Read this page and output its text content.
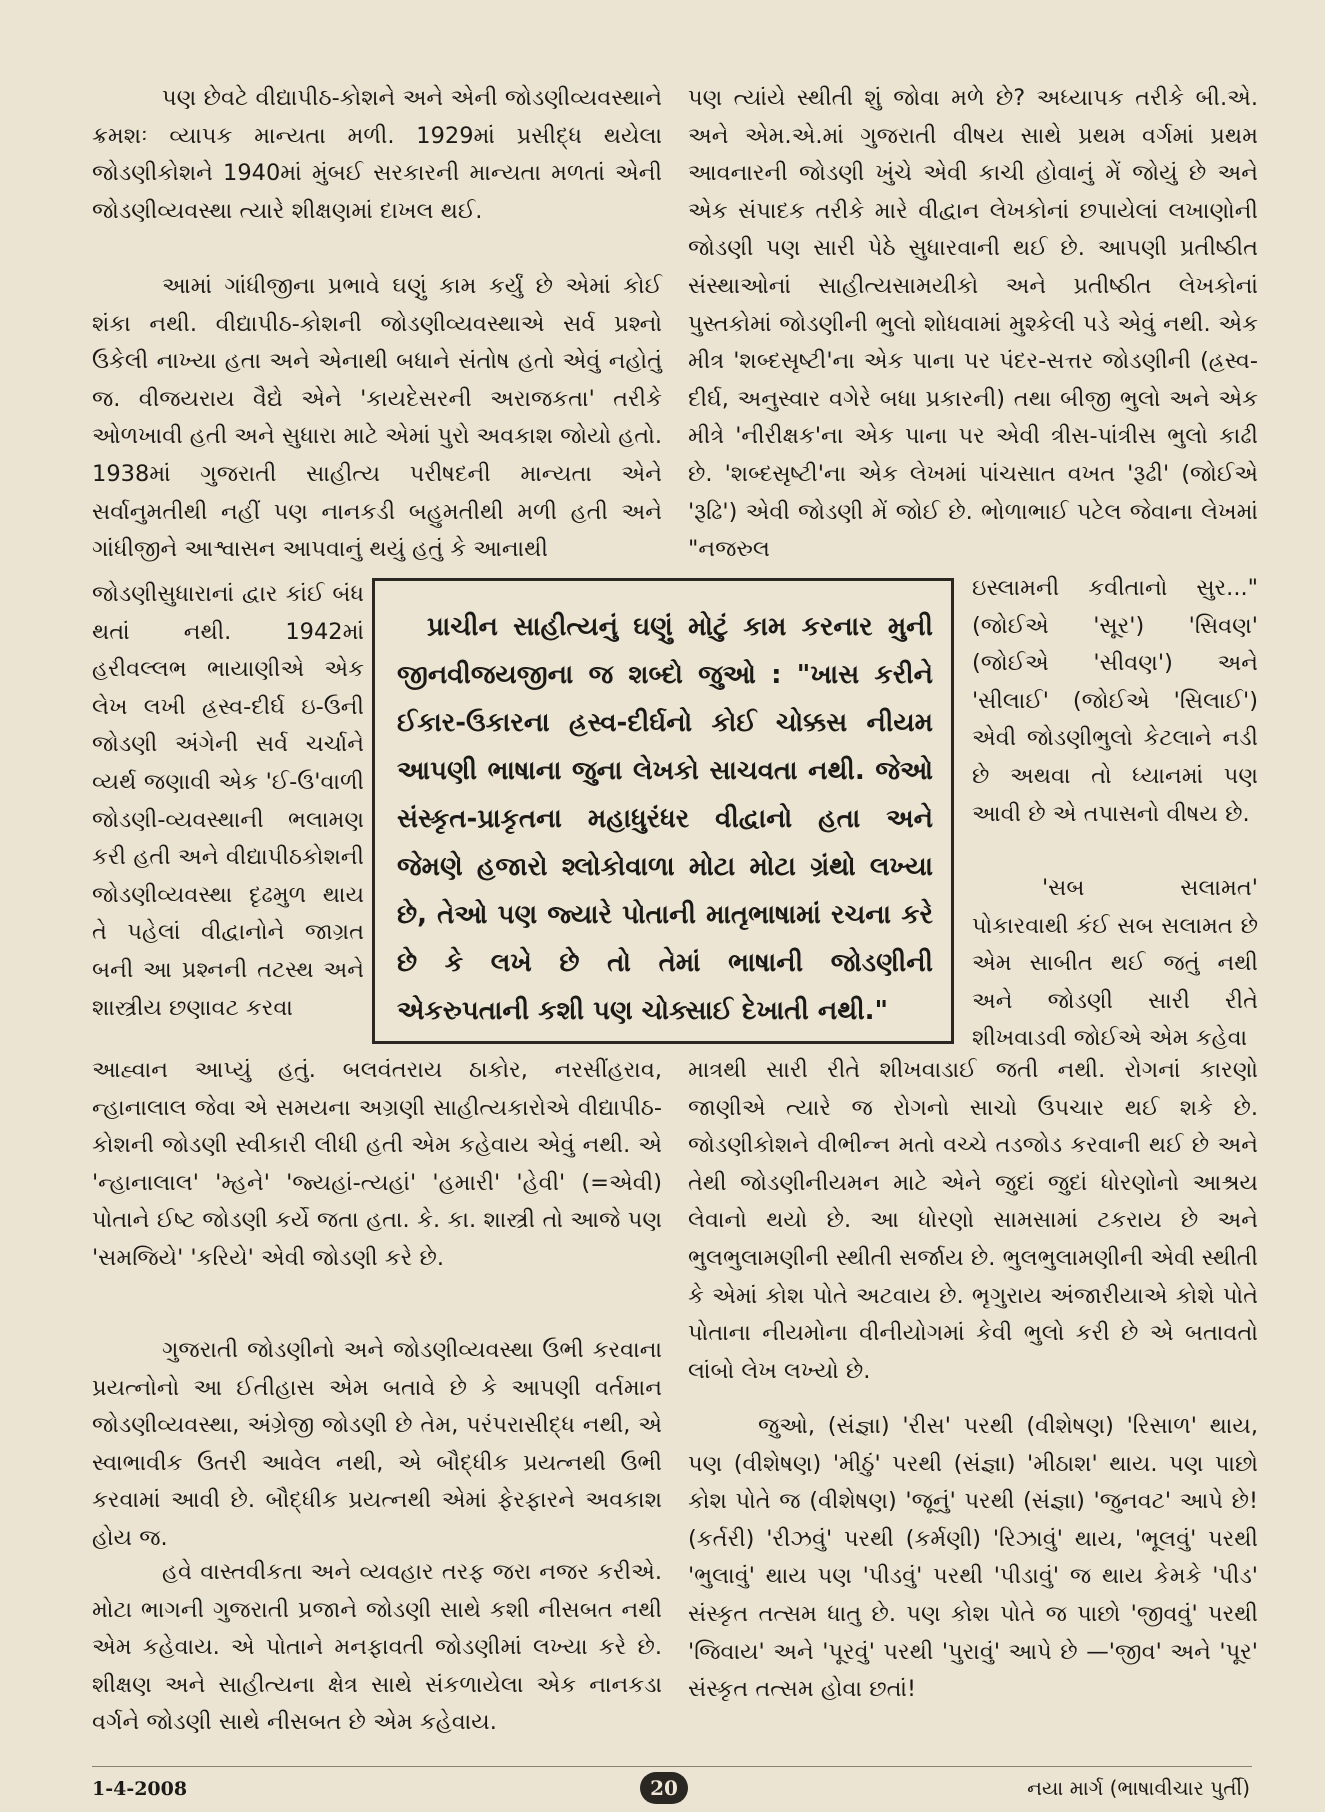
પણ છેવટે વીદ્યાપીઠ-કોશને અને એની જોડણીવ્યવસ્થાને ક્રમશઃ વ્યાપક માન્યતા મળી. 1929માં પ્રસીદ્ધ થયેલા જોડણીકોશને 1940માં મુંબઈ સરકારની માન્યતા મળતાં એની જોડણીવ્યવસ્થા ત્યારે શીક્ષણમાં દાખલ થઈ.

આમાં ગાંધીજીના પ્રભાવે ઘણું કામ કર્યું છે એમાં કોઈ શંકા નથી. વીદ્યાપીઠ-કોશની જોડણીવ્યવસ્થાએ સર્વ પ્રશ્નો ઉકેલી નાખ્યા હતા અને એનાથી બધાને સંતોષ હતો એવું નહોતું જ. વીજયરાય વૈદ્યે એને 'કાયદેસરની અરાજકતા' તરીકે ઓળખાવી હતી અને સુધારા માટે એમાં પુરો અવકાશ જોયો હતો. 1938માં ગુજરાતી સાહીત્ય પરીષદની માન્યતા એને સર્વાનુમતીથી નહીં પણ નાનકડી બહુમતીથી મળી હતી અને ગાંધીજીને આશ્વાસન આપવાનું થયું હતું કે આનાથી

જોડણીસુધારાનાં દ્વાર કાંઈ બંધ થતાં નથી. 1942માં હરીવલ્લભ ભાયાણીએ એક લેખ લખી હ્રસ્વ-દીર્ઘ ઇ-ઉની જોડણી અંગેની સર્વ ચર્ચાને વ્યર્થ જણાવી એક 'ઈ-ઉ'વાળી જોડણી-વ્યવસ્થાની ભલામણ કરી હતી અને વીદ્યાપીઠકોશની જોડણીવ્યવસ્થા દૃઢમુળ થાય તે પહેલાં વીદ્વાનોને જાગ્રત બની આ પ્રશ્નની તટસ્થ અને શાસ્ત્રીય છણાવટ કરવા

આહ્વાન આપ્યું હતું. બલવંતરાય ઠાકોર, નરસીંહરાવ, ન્હાનાલાલ જેવા એ સમયના અગ્રણી સાહીત્યકારોએ વીદ્યાપીઠ-કોશની જોડણી સ્વીકારી લીધી હતી એમ કહેવાય એવું નથી. એ 'ન્હાનાલાલ' 'મ્હને' 'જ્યહાં-ત્યહાં' 'હમારી' 'હેવી' (=એવી) પોતાને ઈષ્ટ જોડણી કર્યે જતા હતા. કે. કા. શાસ્ત્રી તો આજે પણ 'સમજિયે' 'કરિયે' એવી જોડણી કરે છે.

ગુજરાતી જોડણીનો અને જોડણીવ્યવસ્થા ઉભી કરવાના પ્રયત્નોનો આ ઈતીહાસ એમ બતાવે છે કે આપણી વર્તમાન જોડણીવ્યવસ્થા, અંગ્રેજી જોડણી છે તેમ, પરંપરાસીદ્ધ નથી, એ સ્વાભાવીક ઉતરી આવેલ નથી, એ બૌદ્ધીક પ્રયત્નથી ઉભી કરવામાં આવી છે. બૌદ્ધીક પ્રયત્નથી એમાં ફેરફારને અવકાશ હોય જ.

હવે વાસ્તવીકતા અને વ્યવહાર તરફ જરા નજર કરીએ. મોટા ભાગની ગુજરાતી પ્રજાને જોડણી સાથે કશી નીસબત નથી એમ કહેવાય. એ પોતાને મનફાવતી જોડણીમાં લખ્યા કરે છે. શીક્ષણ અને સાહીત્યના ક્ષેત્ર સાથે સંકળાયેલા એક નાનકડા વર્ગને જોડણી સાથે નીસબત છે એમ કહેવાય.

પણ ત્યાંયે સ્થીતી શું જોવા મળે છે? અધ્યાપક તરીકે બી.એ. અને એમ.એ.માં ગુજરાતી વીષય સાથે પ્રથમ વર્ગમાં પ્રથમ આવનારની જોડણી ખુંચે એવી કાચી હોવાનું મેં જોયું છે અને એક સંપાદક તરીકે મારે વીદ્વાન લેખકોનાં છપાયેલાં લખાણોની જોડણી પણ સારી પેઠે સુધારવાની થઈ છે. આપણી પ્રતીષ્ઠીત સંસ્થાઓનાં સાહીત્યસામયીકો અને પ્રતીષ્ઠીત લેખકોનાં પુસ્તકોમાં જોડણીની ભુલો શોધવામાં મુશ્કેલી પડે એવું નથી. એક મીત્ર 'શબ્દસૃષ્ટી'ના એક પાના પર પંદર-સત્તર જોડણીની (હ્રસ્વ-દીર્ઘ, અનુસ્વાર વગેરે બધા પ્રકારની) તથા બીજી ભુલો અને એક મીત્રે 'નીરીક્ષક'ના એક પાના પર એવી ત્રીસ-પાંત્રીસ ભુલો કાઢી છે. 'શબ્દસૃષ્ટી'ના એક લેખમાં પાંચસાત વખત 'રૂઢી' (જોઈએ 'રૂઢિ') એવી જોડણી મેં જોઈ છે. ભોળાભાઈ પટેલ જેવાના લેખમાં "નજરુલ

ઇસ્લામની કવીતાનો સુર..." (જોઈએ 'સૂર') 'સિવણ' (જોઈએ 'સીવણ') અને 'સીલાઈ' (જોઈએ 'સિલાઈ') એવી જોડણીભુલો કેટલાને નડી છે અથવા તો ધ્યાનમાં પણ આવી છે એ તપાસનો વીષય છે.

'સબ સલામત' પોકારવાથી કંઈ સબ સલામત છે એમ સાબીત થઈ જતું નથી અને જોડણી સારી રીતે શીખવાડવી જોઈએ એમ કહેવા

માત્રથી સારી રીતે શીખવાડાઈ જતી નથી. રોગનાં કારણો જાણીએ ત્યારે જ રોગનો સાચો ઉપચાર થઈ શકે છે. જોડણીકોશને વીભીન્ન મતો વચ્ચે તડજોડ કરવાની થઈ છે અને તેથી જોડણીનીયમન માટે એને જુદાં જુદાં ધોરણોનો આશ્રય લેવાનો થયો છે. આ ધોરણો સામસામાં ટકરાય છે અને ભુલભુલામણીની સ્થીતી સર્જાય છે. ભુલભુલામણીની એવી સ્થીતી કે એમાં કોશ પોતે અટવાય છે. ભૃગુરાય અંજારીયાએ કોશે પોતે પોતાના નીયમોના વીનીયોગમાં કેવી ભુલો કરી છે એ બતાવતો લાંબો લેખ લખ્યો છે.

જુઓ, (સંજ્ઞા) 'રીસ' પરથી (વીશેષણ) 'રિસાળ' થાય, પણ (વીશેષણ) 'મીઠું' પરથી (સંજ્ઞા) 'મીઠાશ' થાય. પણ પાછો કોશ પોતે જ (વીશેષણ) 'જૂનું' પરથી (સંજ્ઞા) 'જુનવટ' આપે છે! (કર્તરી) 'રીઝવું' પરથી (કર્મણી) 'રિઝાવું' થાય, 'ભૂલવું' પરથી 'ભુલાવું' થાય પણ 'પીડવું' પરથી 'પીડાવું' જ થાય કેમકે 'પીડ' સંસ્કૃત તત્સમ ધાતુ છે. પણ કોશ પોતે જ પાછો 'જીવવું' પરથી 'જિવાય' અને 'પૂરવું' પરથી 'પુરાવું' આપે છે —'જીવ' અને 'પૂર' સંસ્કૃત તત્સમ હોવા છતાં!

પ્રાચીન સાહીત્યનું ઘણું મોટું કામ કરનાર મુની જીનવીજયજીના જ શબ્દો જુઓ : "ખાસ કરીને ઈકાર-ઉકારના હ્રસ્વ-દીર્ઘનો કોઈ ચોક્કસ નીયમ આપણી ભાષાના જુના લેખકો સાચવતા નથી. જેઓ સંસ્કૃત-પ્રાકૃતના મહાધુરંધર વીદ્વાનો હતા અને જેમણે હજારો શ્લોકોવાળા મોટા મોટા ગ્રંથો લખ્યા છે, તેઓ પણ જ્યારે પોતાની માતૃભાષામાં રચના કરે છે કે લખે છે તો તેમાં ભાષાની જોડણીની એકરુપતાની કશી પણ ચોક્સાઈ દેખાતી નથી."

1-4-2008	20	નયા માર્ગ (ભાષાવીચાર પુર્તી)
